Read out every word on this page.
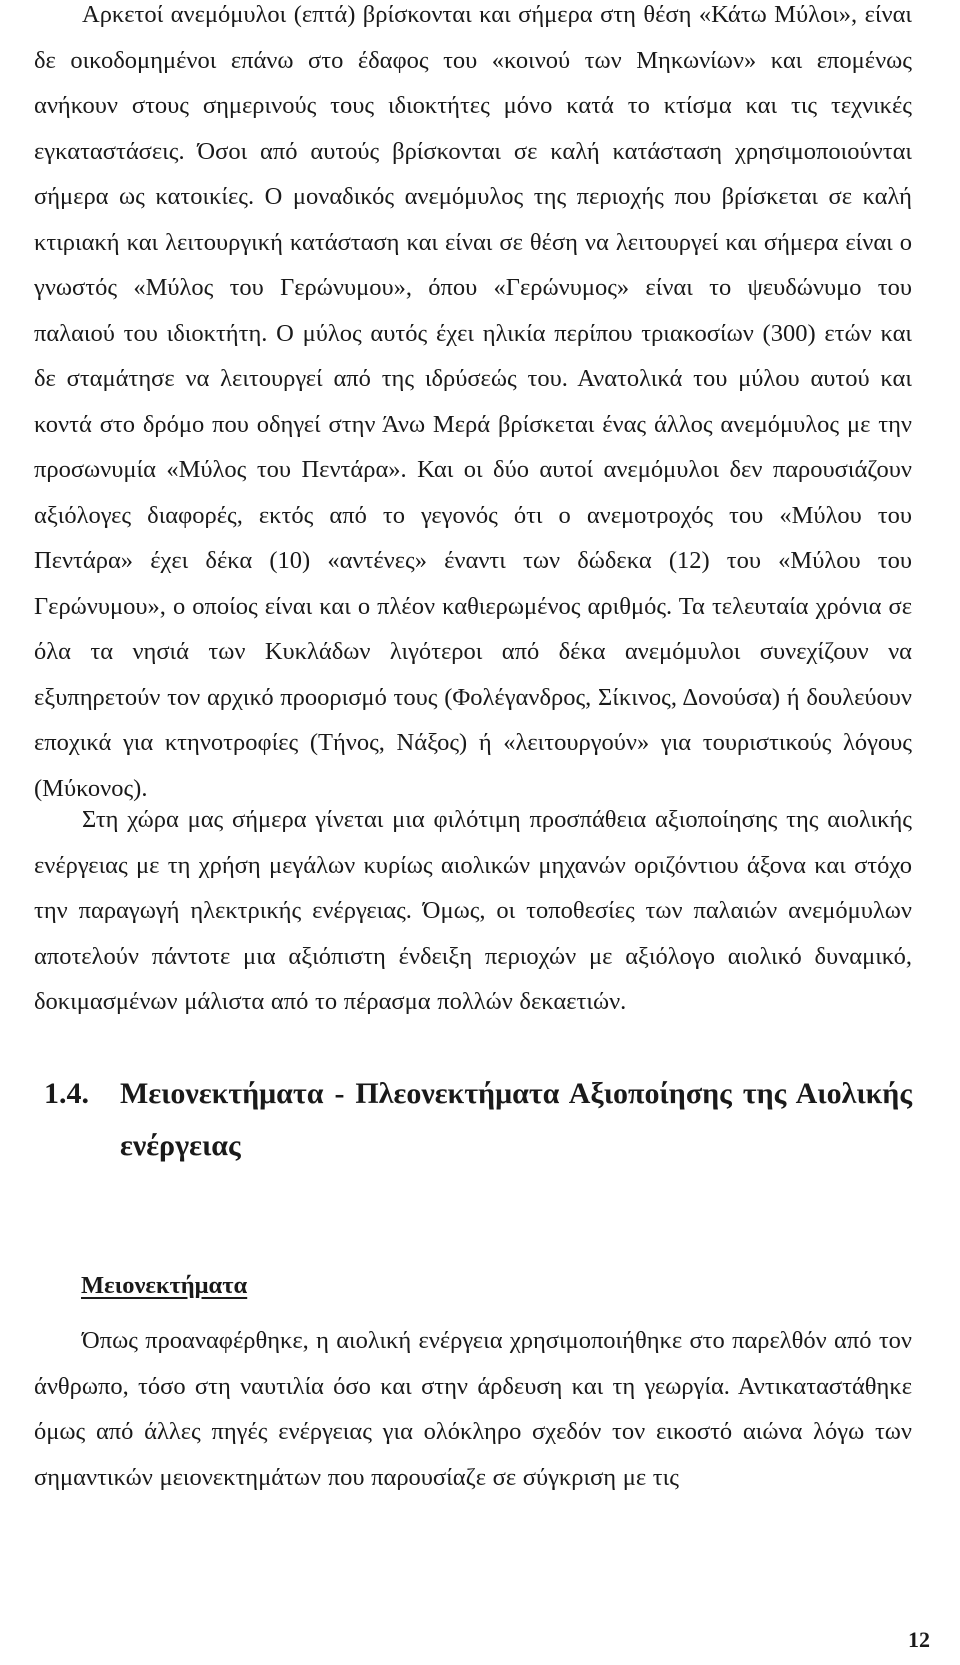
Αρκετοί ανεμόμυλοι (επτά) βρίσκονται και σήμερα στη θέση «Κάτω Μύλοι», είναι δε οικοδομημένοι επάνω στο έδαφος του «κοινού των Μηκωνίων» και επομένως ανήκουν στους σημερινούς τους ιδιοκτήτες μόνο κατά το κτίσμα και τις τεχνικές εγκαταστάσεις. Όσοι από αυτούς βρίσκονται σε καλή κατάσταση χρησιμοποιούνται σήμερα ως κατοικίες. Ο μοναδικός ανεμόμυλος της περιοχής που βρίσκεται σε καλή κτιριακή και λειτουργική κατάσταση και είναι σε θέση να λειτουργεί και σήμερα είναι ο γνωστός «Μύλος του Γερώνυμου», όπου «Γερώνυμος» είναι το ψευδώνυμο του παλαιού του ιδιοκτήτη. Ο μύλος αυτός έχει ηλικία περίπου τριακοσίων (300) ετών και δε σταμάτησε να λειτουργεί από της ιδρύσεώς του. Ανατολικά του μύλου αυτού και κοντά στο δρόμο που οδηγεί στην Άνω Μερά βρίσκεται ένας άλλος ανεμόμυλος με την προσωνυμία «Μύλος του Πεντάρα». Και οι δύο αυτοί ανεμόμυλοι δεν παρουσιάζουν αξιόλογες διαφορές, εκτός από το γεγονός ότι ο ανεμοτροχός του «Μύλου του Πεντάρα» έχει δέκα (10) «αντένες» έναντι των δώδεκα (12) του «Μύλου του Γερώνυμου», ο οποίος είναι και ο πλέον καθιερωμένος αριθμός. Τα τελευταία χρόνια σε όλα τα νησιά των Κυκλάδων λιγότεροι από δέκα ανεμόμυλοι συνεχίζουν να εξυπηρετούν τον αρχικό προορισμό τους (Φολέγανδρος, Σίκινος, Δονούσα) ή δουλεύουν εποχικά για κτηνοτροφίες (Τήνος, Νάξος) ή «λειτουργούν» για τουριστικούς λόγους (Μύκονος).

Στη χώρα μας σήμερα γίνεται μια φιλότιμη προσπάθεια αξιοποίησης της αιολικής ενέργειας με τη χρήση μεγάλων κυρίως αιολικών μηχανών οριζόντιου άξονα και στόχο την παραγωγή ηλεκτρικής ενέργειας. Όμως, οι τοποθεσίες των παλαιών ανεμόμυλων αποτελούν πάντοτε μια αξιόπιστη ένδειξη περιοχών με αξιόλογο αιολικό δυναμικό, δοκιμασμένων μάλιστα από το πέρασμα πολλών δεκαετιών.

1.4. Μειονεκτήματα - Πλεονεκτήματα Αξιοποίησης της Αιολικής ενέργειας
Μειονεκτήματα

Όπως προαναφέρθηκε, η αιολική ενέργεια χρησιμοποιήθηκε στο παρελθόν από τον άνθρωπο, τόσο στη ναυτιλία όσο και στην άρδευση και τη γεωργία. Αντικαταστάθηκε όμως από άλλες πηγές ενέργειας για ολόκληρο σχεδόν τον εικοστό αιώνα λόγω των σημαντικών μειονεκτημάτων που παρουσίαζε σε σύγκριση με τις

12
